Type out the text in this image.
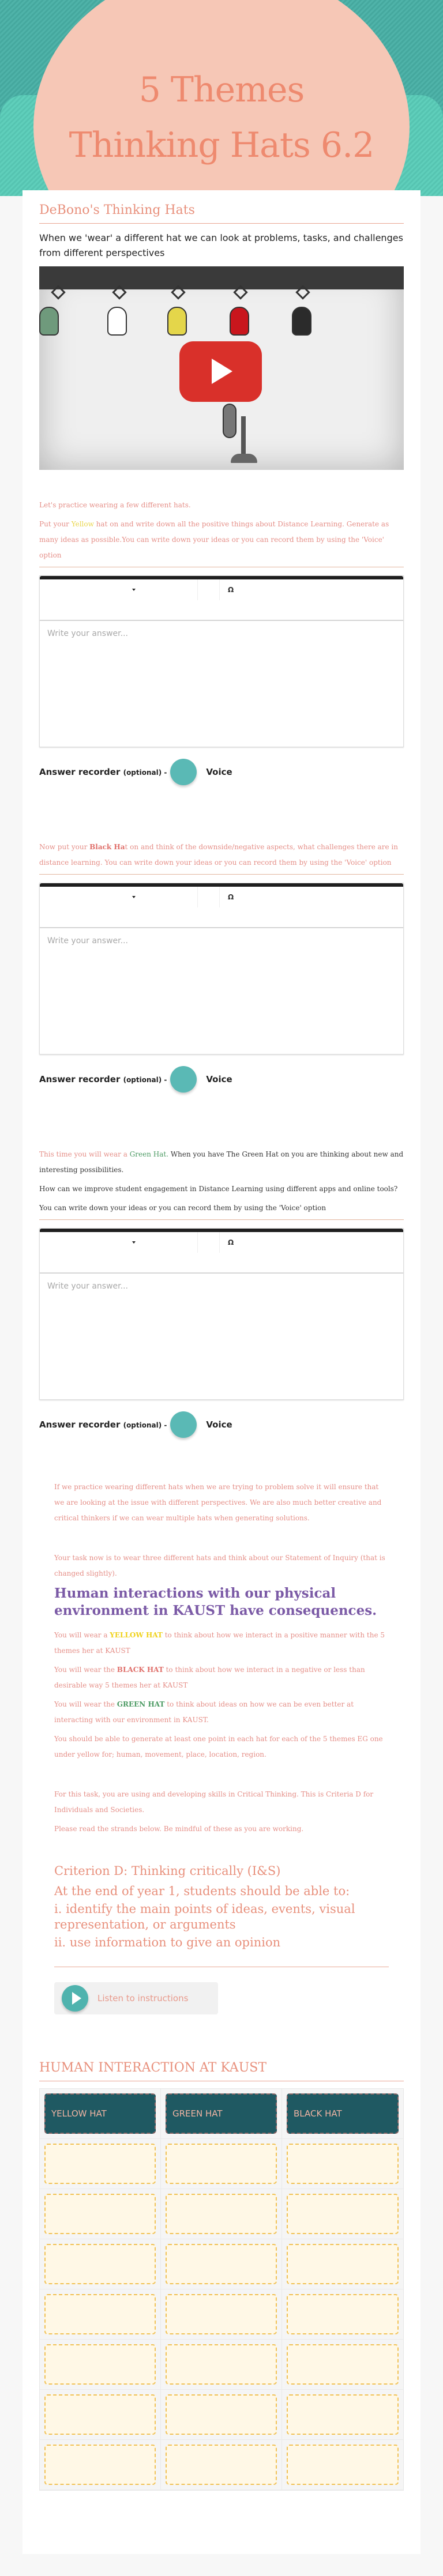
5 Themes
Thinking Hats 6.2
DeBono's Thinking Hats

When we 'wear' a different hat we can look at problems, tasks, and challenges from different perspectives

Let's practice wearing a few different hats.

Put your Yellow hat on and write down all the positive things about Distance Learning. Generate as many ideas as possible.You can write down your ideas or you can record them by using the 'Voice' option

Ω
Write your answer...
Answer recorder (optional) -	Voice

Now put your Black Hat on and think of the downside/negative aspects, what challenges there are in distance learning. You can write down your ideas or you can record them by using the 'Voice' option

Ω
Write your answer...
Answer recorder (optional) -	Voice

This time you will wear a Green Hat. When you have The Green Hat on you are thinking about new and interesting possibilities.

How can we improve student engagement in Distance Learning using different apps and online tools?

You can write down your ideas or you can record them by using the 'Voice' option

Ω
Write your answer...
Answer recorder (optional) -	Voice

If we practice wearing different hats when we are trying to problem solve it will ensure that we are looking at the issue with different perspectives. We are also much better creative and critical thinkers if we can wear multiple hats when generating solutions.

Your task now is to wear three different hats and think about our Statement of Inquiry (that is changed slightly).

Human interactions with our physical environment in KAUST have consequences.

You will wear a YELLOW HAT to think about how we interact in a positive manner with the 5 themes her at KAUST

You will wear the BLACK HAT to think about how we interact in a negative or less than desirable way 5 themes her at KAUST

You will wear the GREEN HAT to think about ideas on how we can be even better at interacting with our environment in KAUST.

You should be able to generate at least one point in each hat for each of the 5 themes EG one under yellow for; human, movement, place, location, region.

For this task, you are using and developing skills in Critical Thinking. This is Criteria D for Individuals and Societies.

Please read the strands below. Be mindful of these as you are working.

Criterion D: Thinking critically (I&S)

At the end of year 1, students should be able to:

i. identify the main points of ideas, events, visual representation, or arguments

ii. use information to give an opinion

Listen to instructions
HUMAN INTERACTION AT KAUST
YELLOW HAT	GREEN HAT	BLACK HAT
